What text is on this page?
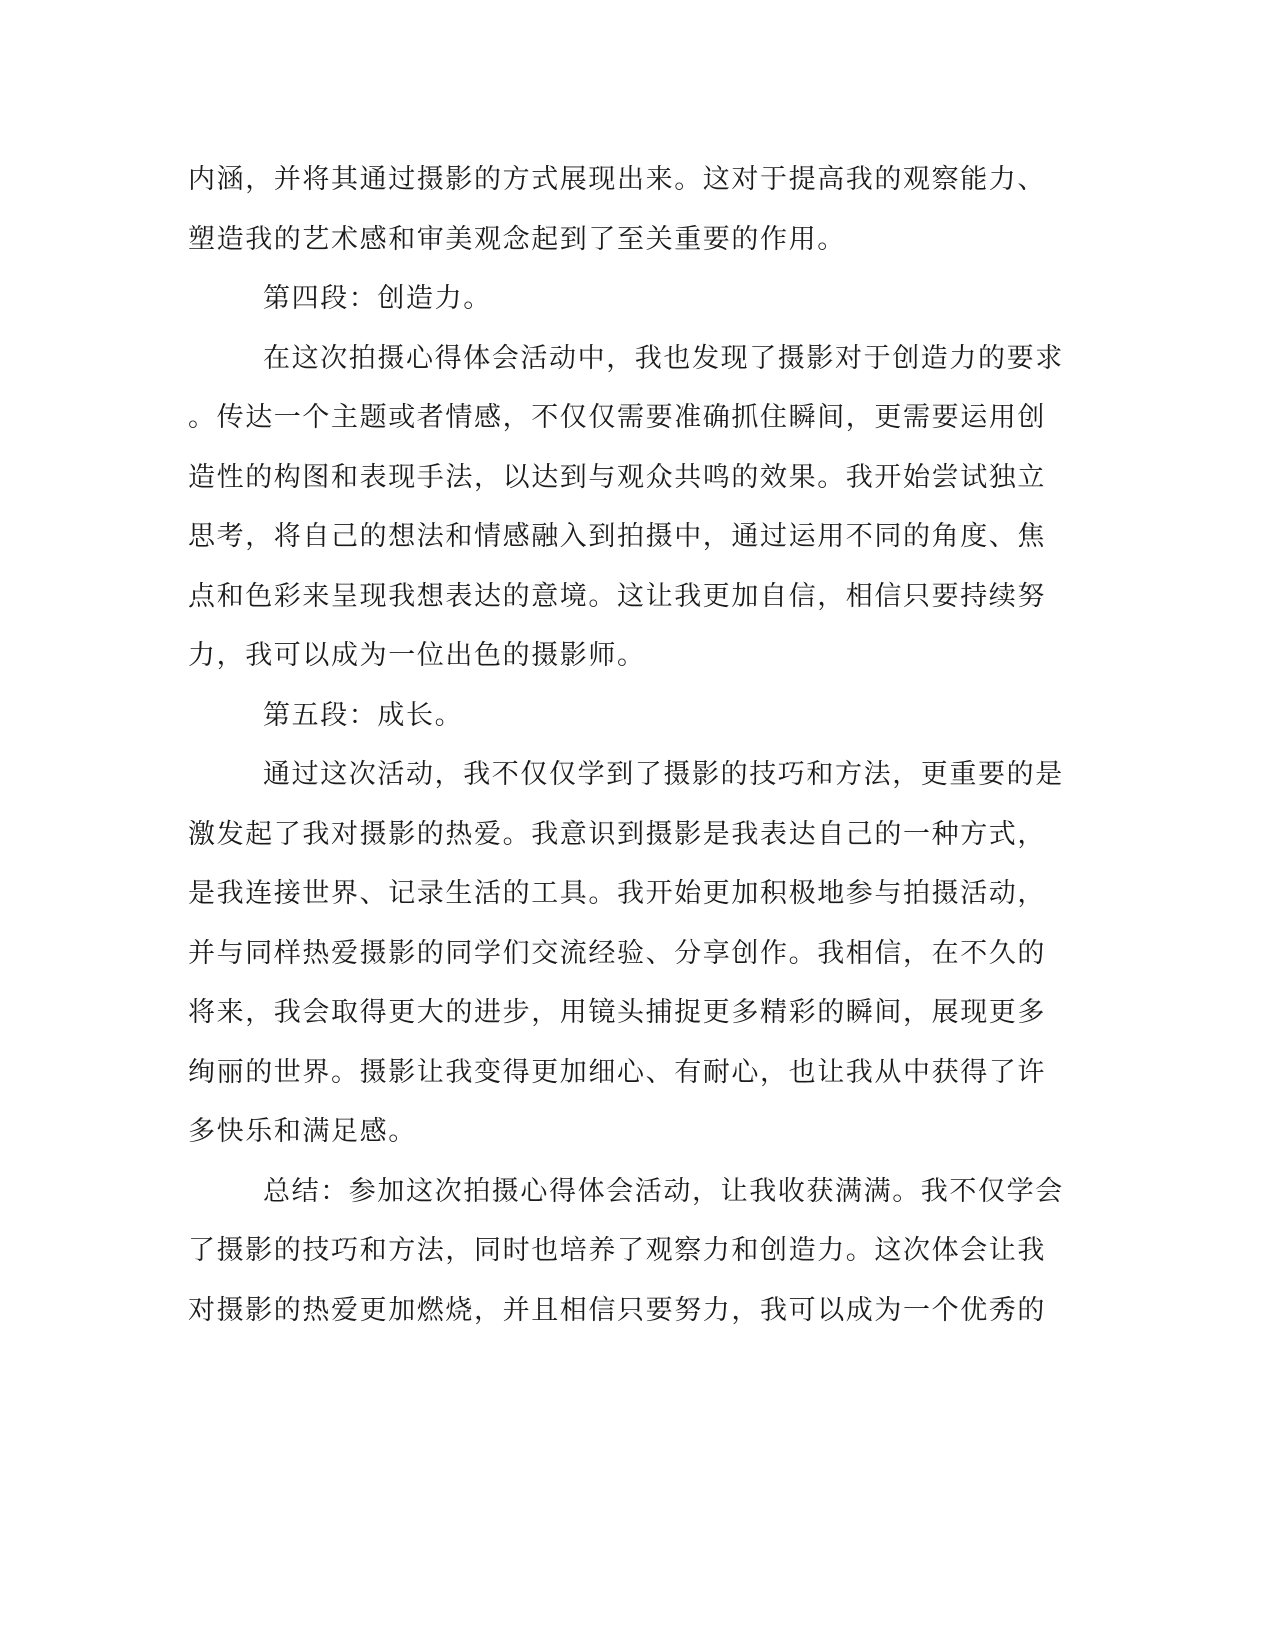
内涵，并将其通过摄影的方式展现出来。这对于提高我的观察能力、

塑造我的艺术感和审美观念起到了至关重要的作用。

第四段：创造力。

在这次拍摄心得体会活动中，我也发现了摄影对于创造力的要求

。传达一个主题或者情感，不仅仅需要准确抓住瞬间，更需要运用创

造性的构图和表现手法，以达到与观众共鸣的效果。我开始尝试独立

思考，将自己的想法和情感融入到拍摄中，通过运用不同的角度、焦

点和色彩来呈现我想表达的意境。这让我更加自信，相信只要持续努

力，我可以成为一位出色的摄影师。

第五段：成长。

通过这次活动，我不仅仅学到了摄影的技巧和方法，更重要的是

激发起了我对摄影的热爱。我意识到摄影是我表达自己的一种方式，

是我连接世界、记录生活的工具。我开始更加积极地参与拍摄活动，

并与同样热爱摄影的同学们交流经验、分享创作。我相信，在不久的

将来，我会取得更大的进步，用镜头捕捉更多精彩的瞬间，展现更多

绚丽的世界。摄影让我变得更加细心、有耐心，也让我从中获得了许

多快乐和满足感。

总结：参加这次拍摄心得体会活动，让我收获满满。我不仅学会

了摄影的技巧和方法，同时也培养了观察力和创造力。这次体会让我

对摄影的热爱更加燃烧，并且相信只要努力，我可以成为一个优秀的
